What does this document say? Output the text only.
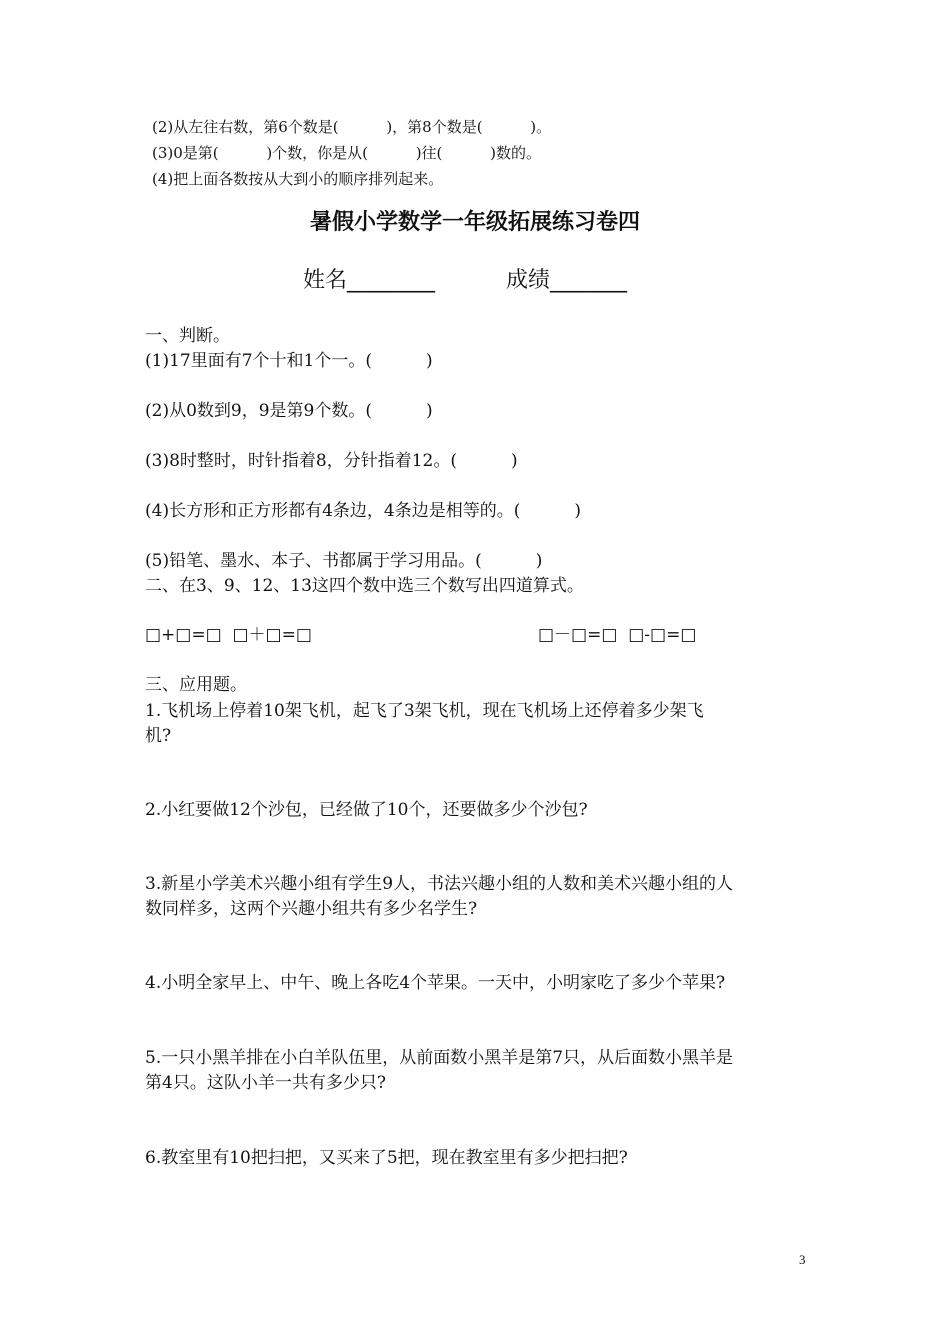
(2)从左往右数，第6个数是(          )，第8个数是(          )。
(3)0是第(          )个数，你是从(          )往(          )数的。
(4)把上面各数按从大到小的顺序排列起来。
暑假小学数学一年级拓展练习卷四
姓名________	成绩_______
一、判断。
(1)17里面有7个十和1个一。(          )
(2)从0数到9，9是第9个数。(          )
(3)8时整时，时针指着8，分针指着12。(          )
(4)长方形和正方形都有4条边，4条边是相等的。(          )
(5)铅笔、墨水、本子、书都属于学习用品。(          )
二、在3、9、12、13这四个数中选三个数写出四道算式。
□+□=□  □＋□=□	□－□=□  □-□=□
三、应用题。
1.飞机场上停着10架飞机，起飞了3架飞机，现在飞机场上还停着多少架飞
机?
2.小红要做12个沙包，已经做了10个，还要做多少个沙包?
3.新星小学美术兴趣小组有学生9人，书法兴趣小组的人数和美术兴趣小组的人
数同样多，这两个兴趣小组共有多少名学生?
4.小明全家早上、中午、晚上各吃4个苹果。一天中，小明家吃了多少个苹果?
5.一只小黑羊排在小白羊队伍里，从前面数小黑羊是第7只，从后面数小黑羊是
第4只。这队小羊一共有多少只?
6.教室里有10把扫把，又买来了5把，现在教室里有多少把扫把?
3
